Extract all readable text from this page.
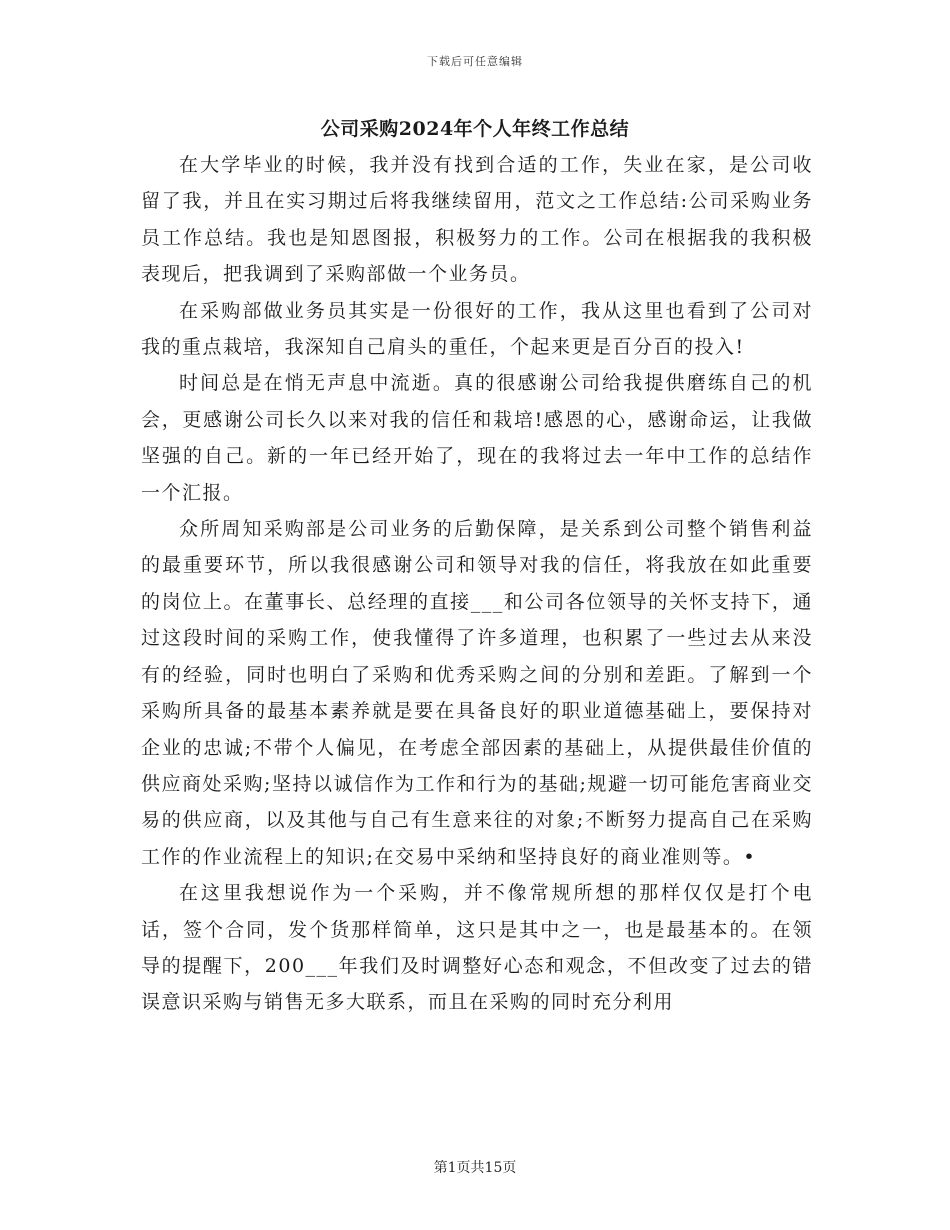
下载后可任意编辑
公司采购2024年个人年终工作总结

在大学毕业的时候，我并没有找到合适的工作，失业在家，是公司收留了我，并且在实习期过后将我继续留用，范文之工作总结:公司采购业务员工作总结。我也是知恩图报，积极努力的工作。公司在根据我的我积极表现后，把我调到了采购部做一个业务员。

在采购部做业务员其实是一份很好的工作，我从这里也看到了公司对我的重点栽培，我深知自己肩头的重任，个起来更是百分百的投入!

时间总是在悄无声息中流逝。真的很感谢公司给我提供磨练自己的机会，更感谢公司长久以来对我的信任和栽培!感恩的心，感谢命运，让我做坚强的自己。新的一年已经开始了，现在的我将过去一年中工作的总结作一个汇报。

众所周知采购部是公司业务的后勤保障，是关系到公司整个销售利益的最重要环节，所以我很感谢公司和领导对我的信任，将我放在如此重要的岗位上。在董事长、总经理的直接___和公司各位领导的关怀支持下，通过这段时间的采购工作，使我懂得了许多道理，也积累了一些过去从来没有的经验，同时也明白了采购和优秀采购之间的分别和差距。了解到一个采购所具备的最基本素养就是要在具备良好的职业道德基础上，要保持对企业的忠诚;不带个人偏见，在考虑全部因素的基础上，从提供最佳价值的供应商处采购;坚持以诚信作为工作和行为的基础;规避一切可能危害商业交易的供应商，以及其他与自己有生意来往的对象;不断努力提高自己在采购工作的作业流程上的知识;在交易中采纳和坚持良好的商业准则等。•

在这里我想说作为一个采购，并不像常规所想的那样仅仅是打个电话，签个合同，发个货那样简单，这只是其中之一，也是最基本的。在领导的提醒下，200___年我们及时调整好心态和观念，不但改变了过去的错误意识采购与销售无多大联系，而且在采购的同时充分利用

第1页共15页
